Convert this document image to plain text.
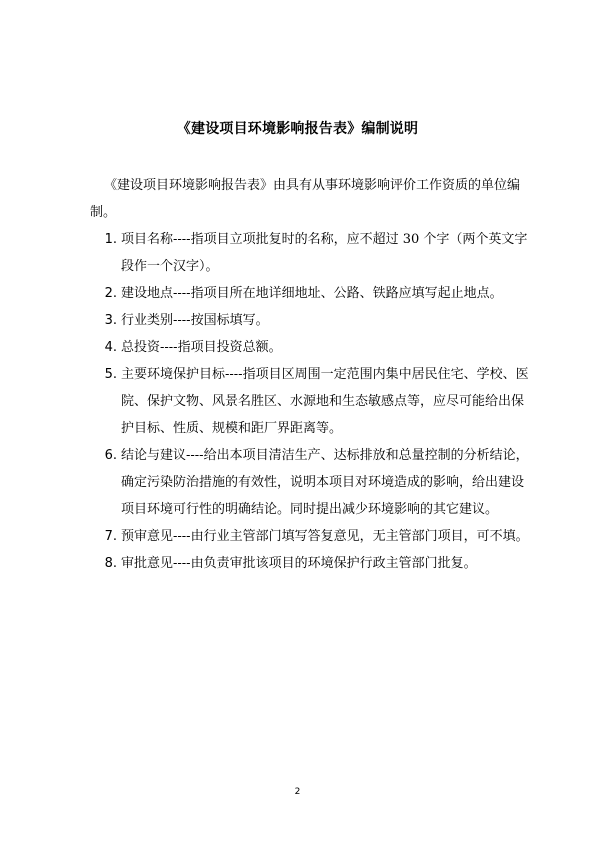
《建设项目环境影响报告表》编制说明

《建设项目环境影响报告表》由具有从事环境影响评价工作资质的单位编制。

1. 项目名称----指项目立项批复时的名称，应不超过 30 个字（两个英文字段作一个汉字）。
2. 建设地点----指项目所在地详细地址、公路、铁路应填写起止地点。
3. 行业类别----按国标填写。
4. 总投资----指项目投资总额。
5. 主要环境保护目标----指项目区周围一定范围内集中居民住宅、学校、医院、保护文物、风景名胜区、水源地和生态敏感点等，应尽可能给出保护目标、性质、规模和距厂界距离等。
6. 结论与建议----给出本项目清洁生产、达标排放和总量控制的分析结论，确定污染防治措施的有效性，说明本项目对环境造成的影响，给出建设项目环境可行性的明确结论。同时提出减少环境影响的其它建议。
7. 预审意见----由行业主管部门填写答复意见，无主管部门项目，可不填。
8. 审批意见----由负责审批该项目的环境保护行政主管部门批复。
2
